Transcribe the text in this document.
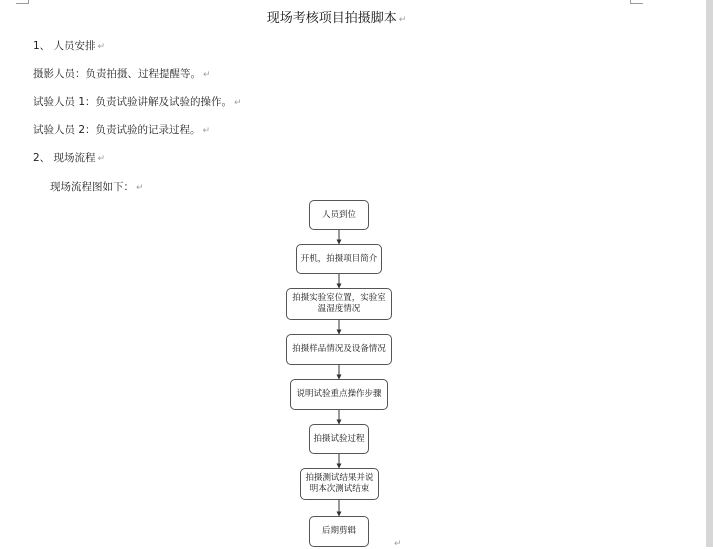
现场考核项目拍摄脚本 ↵
1、 人员安排 ↵
摄影人员：负责拍摄、过程提醒等。 ↵
试验人员 1：负责试验讲解及试验的操作。 ↵
试验人员 2：负责试验的记录过程。 ↵
2、 现场流程 ↵
现场流程图如下： ↵
人员到位
开机，拍摄项目简介
拍摄实验室位置，实验室温湿度情况
拍摄样品情况及设备情况
说明试验重点操作步骤
拍摄试验过程
拍摄测试结果并说明本次测试结束
后期剪辑
↵
